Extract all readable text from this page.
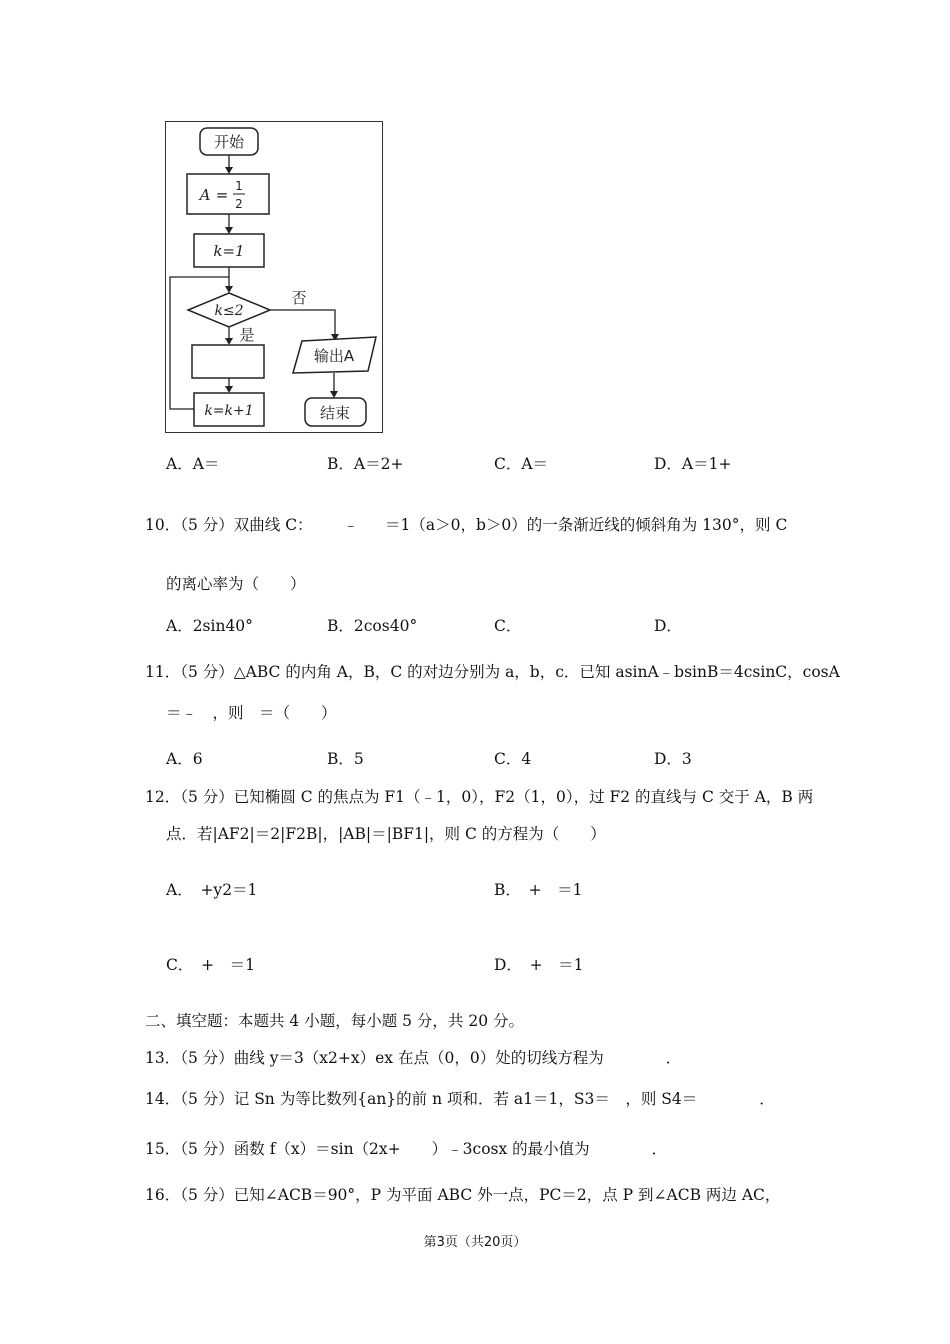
开始
A = 1
2
k=1
k≤2
否
是
k=k+1
输出A
结束
A．A＝	B．A＝2+	C．A＝	D．A＝1+
10．（5 分）双曲线 C： ﹣ ＝1（a＞0，b＞0）的一条渐近线的倾斜角为 130°，则 C
的离心率为（　　）
A．2sin40°	B．2cos40°	C．	D．
11．（5 分）△ABC 的内角 A，B，C 的对边分别为 a，b，c．已知 asinA﹣bsinB＝4csinC，cosA
＝﹣　，则　＝（　　）
A．6	B．5	C．4	D．3
12．（5 分）已知椭圆 C 的焦点为 F1（﹣1，0），F2（1，0），过 F2 的直线与 C 交于 A，B 两
点．若|AF2|＝2|F2B|，|AB|＝|BF1|，则 C 的方程为（　　）
A．　+y2＝1	B．　+　＝1
C．　+　＝1	D．　+　＝1
二、填空题：本题共 4 小题，每小题 5 分，共 20 分。
13．（5 分）曲线 y＝3（x2+x）ex 在点（0，0）处的切线方程为　　　　．
14．（5 分）记 Sn 为等比数列{an}的前 n 项和．若 a1＝1，S3＝　，则 S4＝　　　　．
15．（5 分）函数 f（x）＝sin（2x+　　）﹣3cosx 的最小值为　　　　．
16．（5 分）已知∠ACB＝90°，P 为平面 ABC 外一点，PC＝2，点 P 到∠ACB 两边 AC，
第3页（共20页）
